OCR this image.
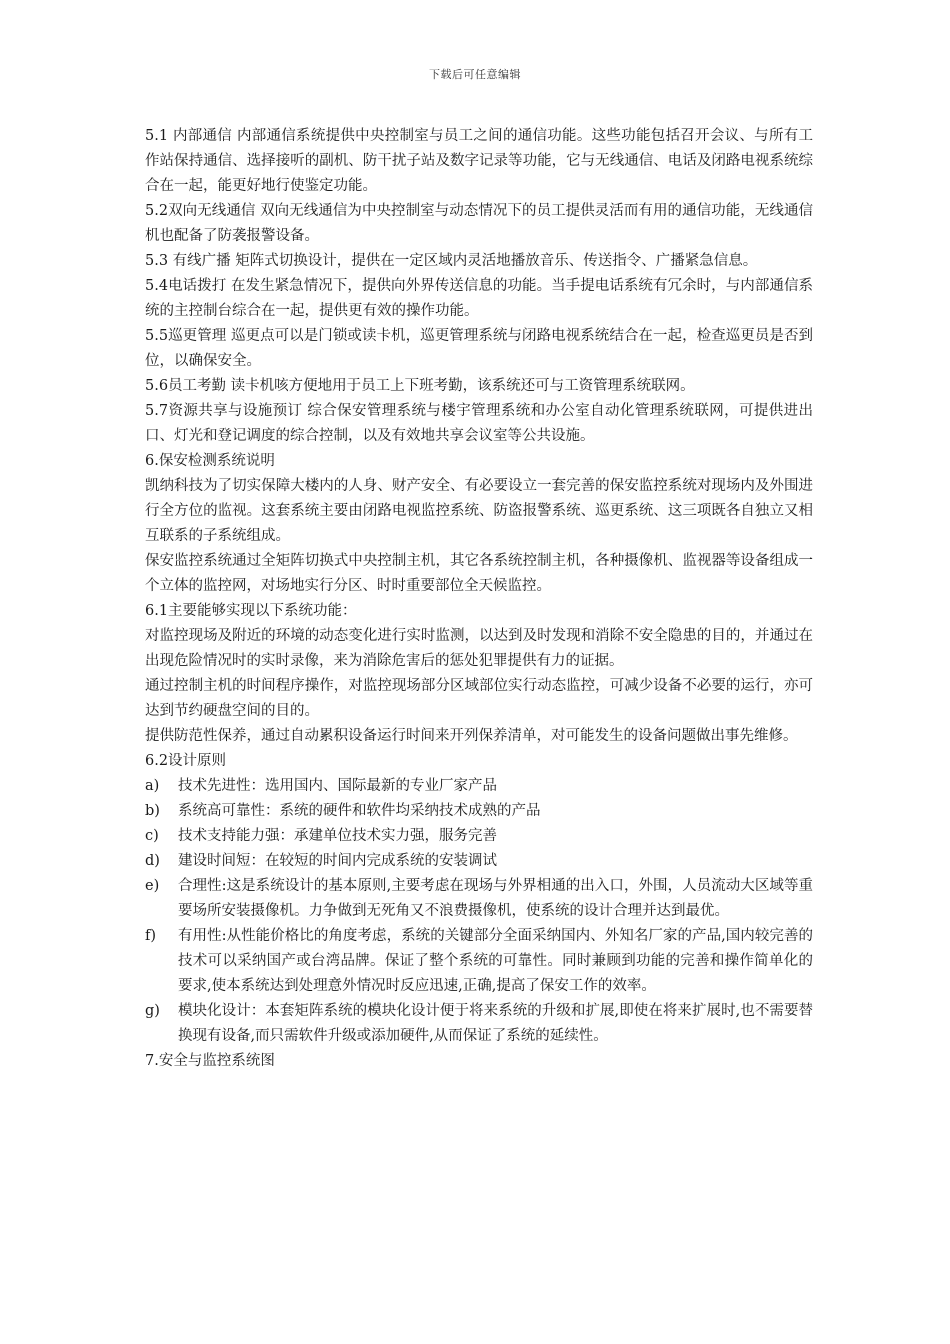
下载后可任意编辑

5.1 内部通信 内部通信系统提供中央控制室与员工之间的通信功能。这些功能包括召开会议、与所有工作站保持通信、选择接听的副机、防干扰子站及数字记录等功能，它与无线通信、电话及闭路电视系统综合在一起，能更好地行使鉴定功能。

5.2双向无线通信 双向无线通信为中央控制室与动态情况下的员工提供灵活而有用的通信功能，无线通信机也配备了防袭报警设备。

5.3 有线广播 矩阵式切换设计，提供在一定区域内灵活地播放音乐、传送指令、广播紧急信息。

5.4电话拨打 在发生紧急情况下，提供向外界传送信息的功能。当手提电话系统有冗余时，与内部通信系统的主控制台综合在一起，提供更有效的操作功能。

5.5巡更管理 巡更点可以是门锁或读卡机，巡更管理系统与闭路电视系统结合在一起，检查巡更员是否到位，以确保安全。

5.6员工考勤 读卡机咳方便地用于员工上下班考勤，该系统还可与工资管理系统联网。

5.7资源共享与设施预订 综合保安管理系统与楼宇管理系统和办公室自动化管理系统联网，可提供进出口、灯光和登记调度的综合控制，以及有效地共享会议室等公共设施。

6.保安检测系统说明

凯纳科技为了切实保障大楼内的人身、财产安全、有必要设立一套完善的保安监控系统对现场内及外围进行全方位的监视。这套系统主要由闭路电视监控系统、防盗报警系统、巡更系统、这三项既各自独立又相互联系的子系统组成。

保安监控系统通过全矩阵切换式中央控制主机，其它各系统控制主机，各种摄像机、监视器等设备组成一个立体的监控网，对场地实行分区、时时重要部位全天候监控。

6.1主要能够实现以下系统功能：

对监控现场及附近的环境的动态变化进行实时监测，以达到及时发现和消除不安全隐患的目的，并通过在出现危险情况时的实时录像，来为消除危害后的惩处犯罪提供有力的证据。

通过控制主机的时间程序操作，对监控现场部分区域部位实行动态监控，可减少设备不必要的运行，亦可达到节约硬盘空间的目的。

提供防范性保养，通过自动累积设备运行时间来开列保养清单，对可能发生的设备问题做出事先维修。

6.2设计原则

a)	技术先进性：选用国内、国际最新的专业厂家产品
b)	系统高可靠性：系统的硬件和软件均采纳技术成熟的产品
c)	技术支持能力强：承建单位技术实力强，服务完善
d)	建设时间短：在较短的时间内完成系统的安装调试
e)	合理性:这是系统设计的基本原则,主要考虑在现场与外界相通的出入口，外围，人员流动大区域等重要场所安装摄像机。力争做到无死角又不浪费摄像机，使系统的设计合理并达到最优。
f)	有用性:从性能价格比的角度考虑，系统的关键部分全面采纳国内、外知名厂家的产品,国内较完善的技术可以采纳国产或台湾品牌。保证了整个系统的可靠性。同时兼顾到功能的完善和操作简单化的要求,使本系统达到处理意外情况时反应迅速,正确,提高了保安工作的效率。
g)	模块化设计：本套矩阵系统的模块化设计便于将来系统的升级和扩展,即使在将来扩展时,也不需要替换现有设备,而只需软件升级或添加硬件,从而保证了系统的延续性。

7.安全与监控系统图
